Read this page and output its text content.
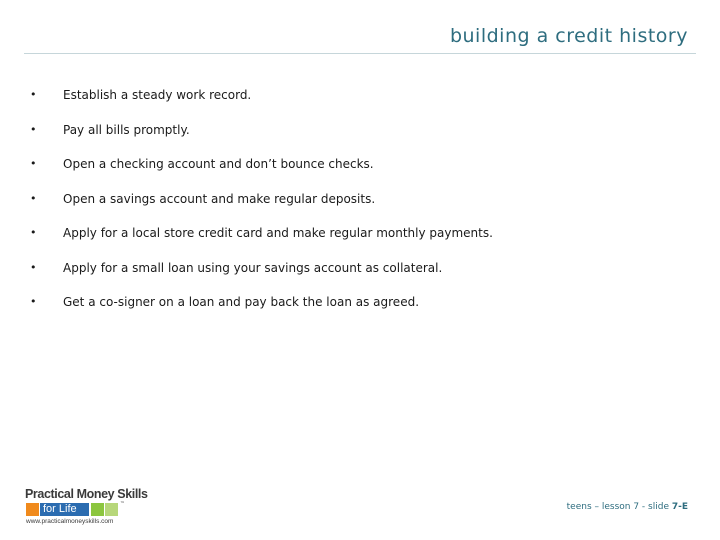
building a credit history
• Establish a steady work record.
• Pay all bills promptly.
• Open a checking account and don’t bounce checks.
• Open a savings account and make regular deposits.
• Apply for a local store credit card and make regular monthly payments.
• Apply for a small loan using your savings account as collateral.
• Get a co-signer on a loan and pay back the loan as agreed.
Practical Money Skills
for Life	™
www.practicalmoneyskills.com
teens – lesson 7 - slide 7-E
